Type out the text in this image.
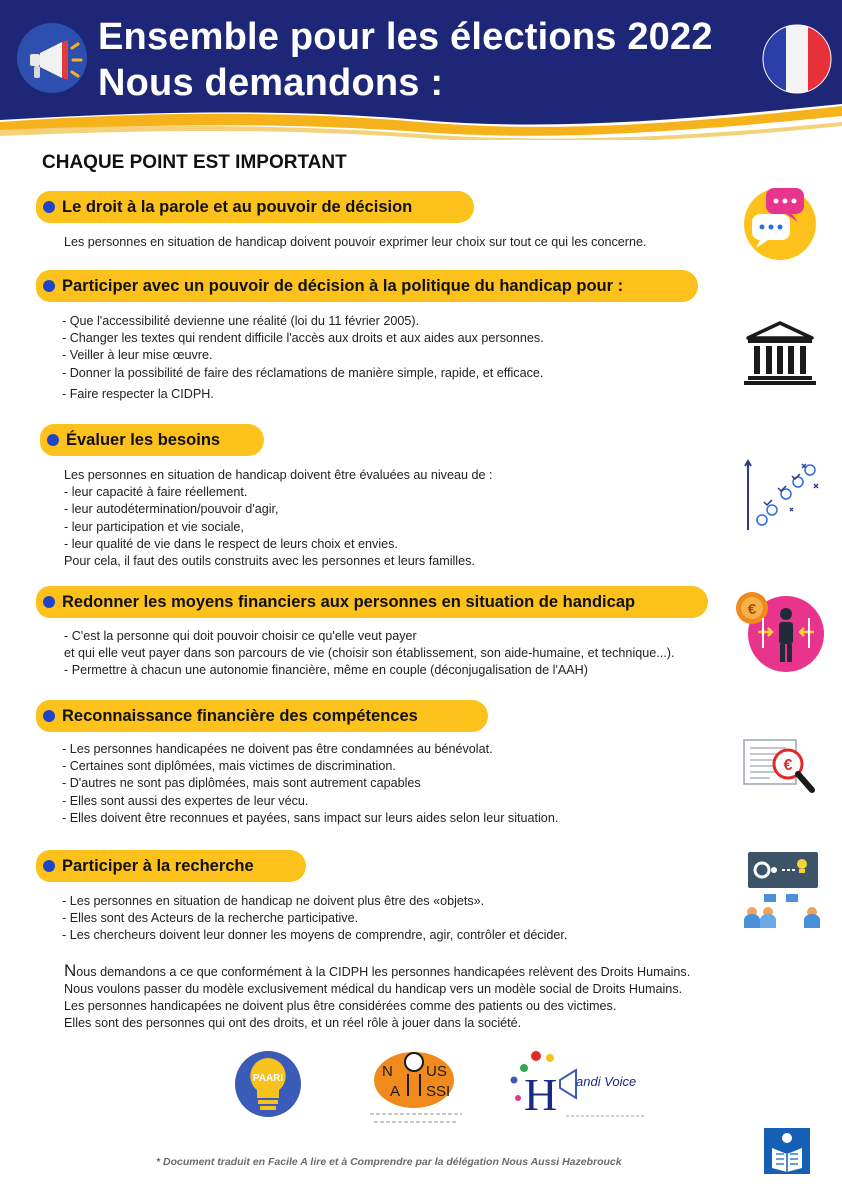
Ensemble pour les élections 2022
Nous demandons :
CHAQUE POINT EST IMPORTANT
Le droit à la parole et au pouvoir de décision
Les personnes en situation de handicap doivent pouvoir exprimer leur choix sur tout ce qui les concerne.
Participer avec un pouvoir de décision à la politique du handicap pour :
- Que l'accessibilité devienne une réalité (loi du 11 février 2005).
- Changer les textes qui rendent difficile l'accès aux droits et aux aides aux personnes.
- Veiller à leur mise œuvre.
- Donner la possibilité de faire des réclamations de manière simple, rapide, et efficace.
- Faire respecter la CIDPH.
Évaluer les besoins
Les personnes en situation de handicap doivent être évaluées au niveau de :
- leur capacité à faire réellement.
- leur autodétermination/pouvoir d'agir,
- leur participation et vie sociale,
- leur qualité de vie dans le respect de leurs choix et envies.
Pour cela, il faut des outils construits avec les personnes et leurs familles.
Redonner les moyens financiers aux personnes en situation de handicap
- C'est la personne qui doit pouvoir choisir ce qu'elle veut payer
et qui elle veut payer dans son parcours de vie (choisir son établissement, son aide-humaine, et technique...).
- Permettre à chacun une autonomie financière, même en couple (déconjugalisation de l'AAH)
€
Reconnaissance financière des compétences
- Les personnes handicapées ne doivent pas être condamnées au bénévolat.
- Certaines sont diplômées, mais victimes de discrimination.
- D'autres ne sont pas diplômées, mais sont autrement capables
- Elles sont aussi des expertes de leur vécu.
- Elles doivent être reconnues et payées, sans impact sur leurs aides selon leur situation.
€
Participer à la recherche
- Les personnes en situation de handicap ne doivent plus être des «objets».
- Elles sont des Acteurs de la recherche participative.
- Les chercheurs doivent leur donner les moyens de comprendre, agir, contrôler et décider.
Nous demandons a ce que conformément à la CIDPH les personnes handicapées relèvent des Droits Humains.
Nous voulons passer du modèle exclusivement médical du handicap vers un modèle social de Droits Humains.
Les personnes handicapées ne doivent plus être considérées comme des patients ou des victimes.
Elles sont des personnes qui ont des droits, et un réel rôle à jouer dans la société.
PAARI	N US
A SSI H andi Voice
* Document traduit en Facile A lire et à Comprendre par la délégation Nous Aussi Hazebrouck
